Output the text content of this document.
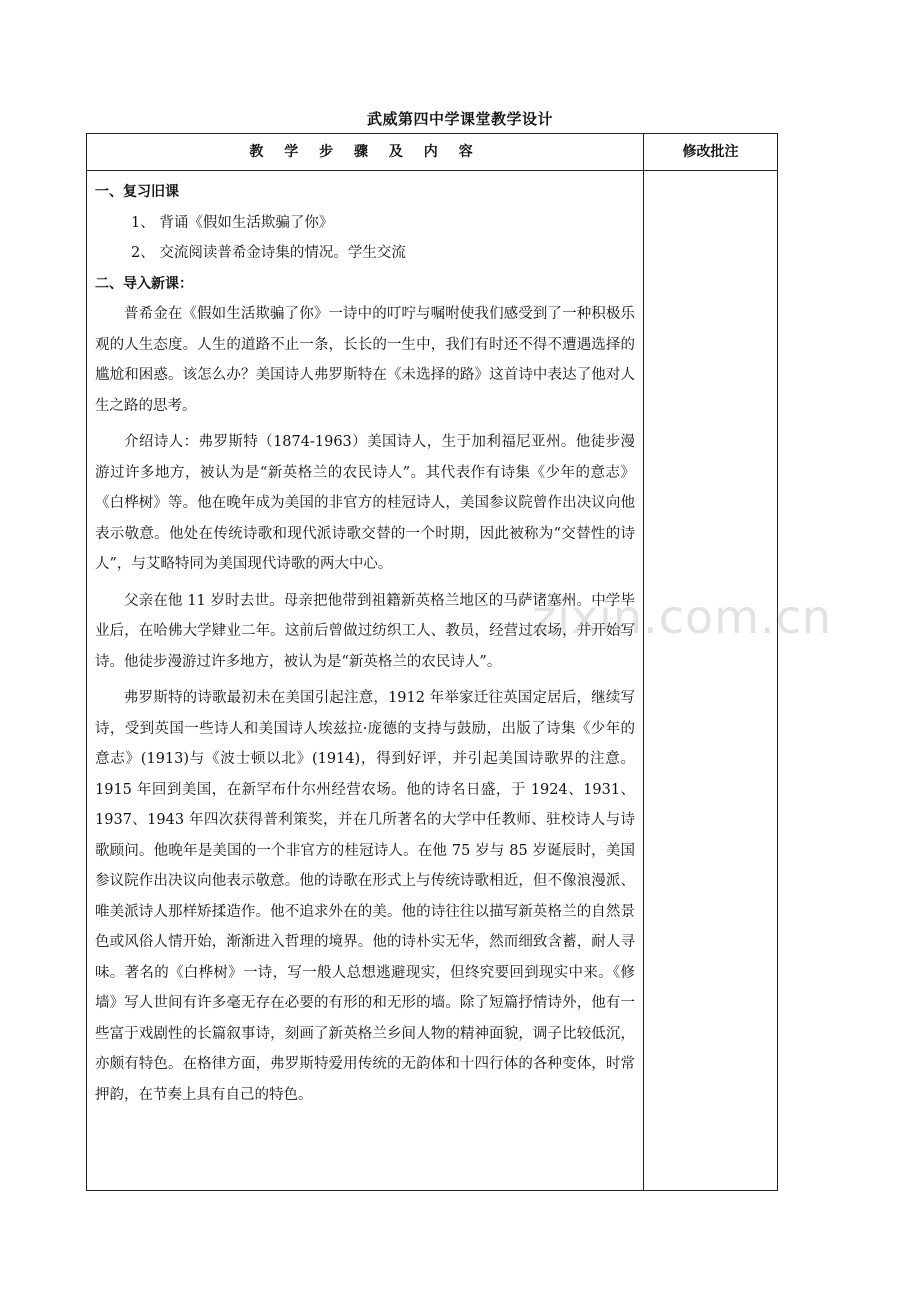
武威第四中学课堂教学设计
教 学 步 骤 及 内 容	修改批注

一、复习旧课

1、 背诵《假如生活欺骗了你》

2、 交流阅读普希金诗集的情况。学生交流

二、导入新课：

普希金在《假如生活欺骗了你》一诗中的叮咛与嘱咐使我们感受到了一种积极乐观的人生态度。人生的道路不止一条，长长的一生中，我们有时还不得不遭遇选择的尴尬和困惑。该怎么办？美国诗人弗罗斯特在《未选择的路》这首诗中表达了他对人生之路的思考。

介绍诗人：弗罗斯特（1874-1963）美国诗人，生于加利福尼亚州。他徒步漫游过许多地方，被认为是“新英格兰的农民诗人”。其代表作有诗集《少年的意志》《白桦树》等。他在晚年成为美国的非官方的桂冠诗人，美国参议院曾作出决议向他表示敬意。他处在传统诗歌和现代派诗歌交替的一个时期，因此被称为“交替性的诗人”，与艾略特同为美国现代诗歌的两大中心。

父亲在他 11 岁时去世。母亲把他带到祖籍新英格兰地区的马萨诸塞州。中学毕业后，在哈佛大学肄业二年。这前后曾做过纺织工人、教员，经营过农场，并开始写诗。他徒步漫游过许多地方，被认为是“新英格兰的农民诗人”。

弗罗斯特的诗歌最初未在美国引起注意，1912 年举家迁往英国定居后，继续写诗，受到英国一些诗人和美国诗人埃兹拉·庞德的支持与鼓励，出版了诗集《少年的意志》(1913)与《波士顿以北》(1914)，得到好评，并引起美国诗歌界的注意。1915 年回到美国，在新罕布什尔州经营农场。他的诗名日盛，于 1924、1931、1937、1943 年四次获得普利策奖，并在几所著名的大学中任教师、驻校诗人与诗歌顾问。他晚年是美国的一个非官方的桂冠诗人。在他 75 岁与 85 岁诞辰时，美国参议院作出决议向他表示敬意。他的诗歌在形式上与传统诗歌相近，但不像浪漫派、唯美派诗人那样矫揉造作。他不追求外在的美。他的诗往往以描写新英格兰的自然景色或风俗人情开始，渐渐进入哲理的境界。他的诗朴实无华，然而细致含蓄，耐人寻味。著名的《白桦树》一诗，写一般人总想逃避现实，但终究要回到现实中来。《修墙》写人世间有许多毫无存在必要的有形的和无形的墙。除了短篇抒情诗外，他有一些富于戏剧性的长篇叙事诗，刻画了新英格兰乡间人物的精神面貌，调子比较低沉，亦颇有特色。在格律方面，弗罗斯特爱用传统的无韵体和十四行体的各种变体，时常押韵，在节奏上具有自己的特色。

zixin.com.cn
